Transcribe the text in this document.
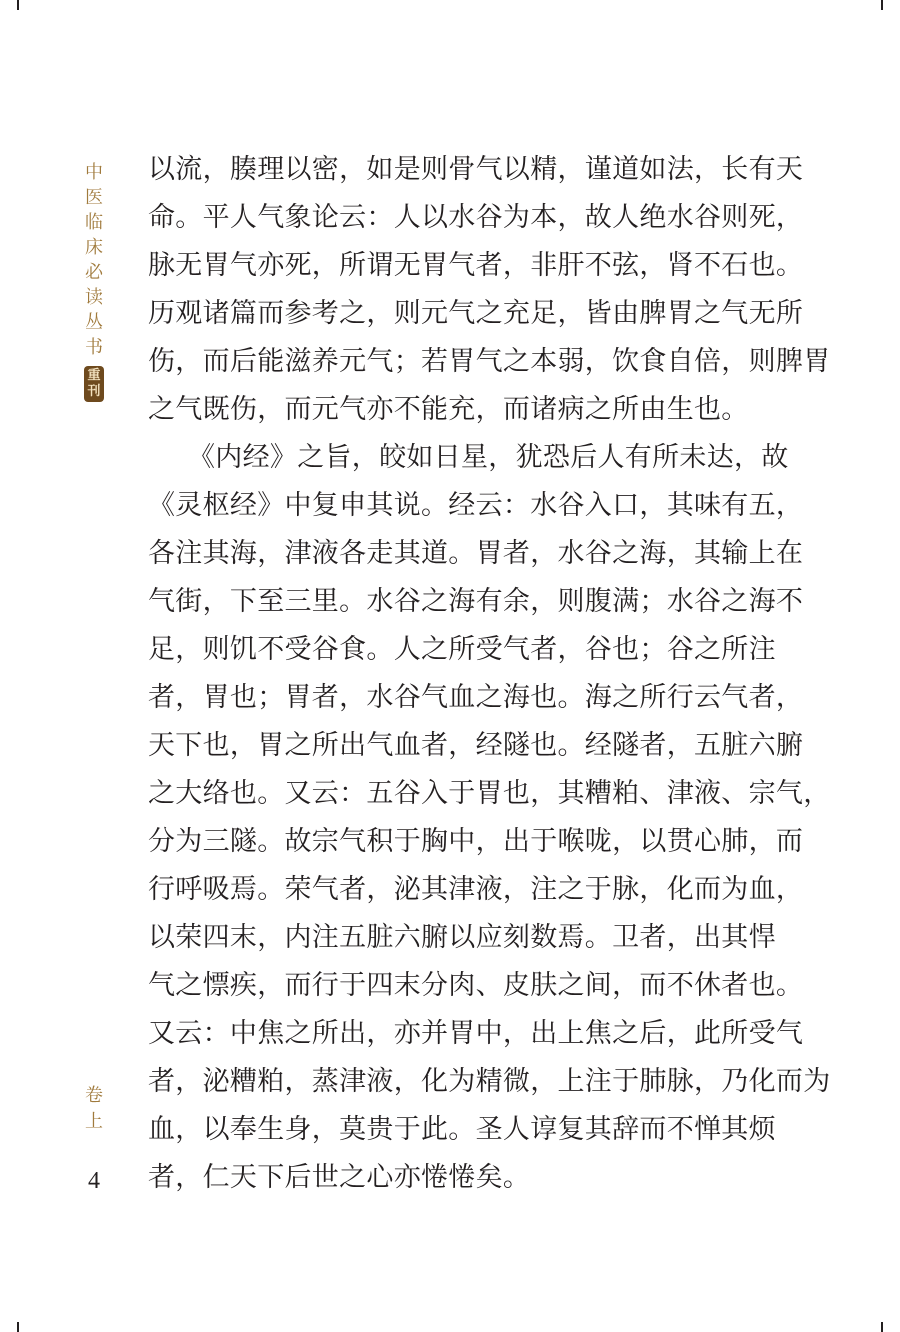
中
医
临
床
必
读
丛
书
重
刊
卷
上
4

以流，腠理以密，如是则骨气以精，谨道如法，长有天

命。平人气象论云：人以水谷为本，故人绝水谷则死，

脉无胃气亦死，所谓无胃气者，非肝不弦，肾不石也。

历观诸篇而参考之，则元气之充足，皆由脾胃之气无所

伤，而后能滋养元气；若胃气之本弱，饮食自倍，则脾胃

之气既伤，而元气亦不能充，而诸病之所由生也。

《内经》之旨，皎如日星，犹恐后人有所未达，故

《灵枢经》中复申其说。经云：水谷入口，其味有五，

各注其海，津液各走其道。胃者，水谷之海，其输上在

气街，下至三里。水谷之海有余，则腹满；水谷之海不

足，则饥不受谷食。人之所受气者，谷也；谷之所注

者，胃也；胃者，水谷气血之海也。海之所行云气者，

天下也，胃之所出气血者，经隧也。经隧者，五脏六腑

之大络也。又云：五谷入于胃也，其糟粕、津液、宗气，

分为三隧。故宗气积于胸中，出于喉咙，以贯心肺，而

行呼吸焉。荣气者，泌其津液，注之于脉，化而为血，

以荣四末，内注五脏六腑以应刻数焉。卫者，出其悍

气之慓疾，而行于四末分肉、皮肤之间，而不休者也。

又云：中焦之所出，亦并胃中，出上焦之后，此所受气

者，泌糟粕，蒸津液，化为精微，上注于肺脉，乃化而为

血，以奉生身，莫贵于此。圣人谆复其辞而不惮其烦

者，仁天下后世之心亦惓惓矣。
